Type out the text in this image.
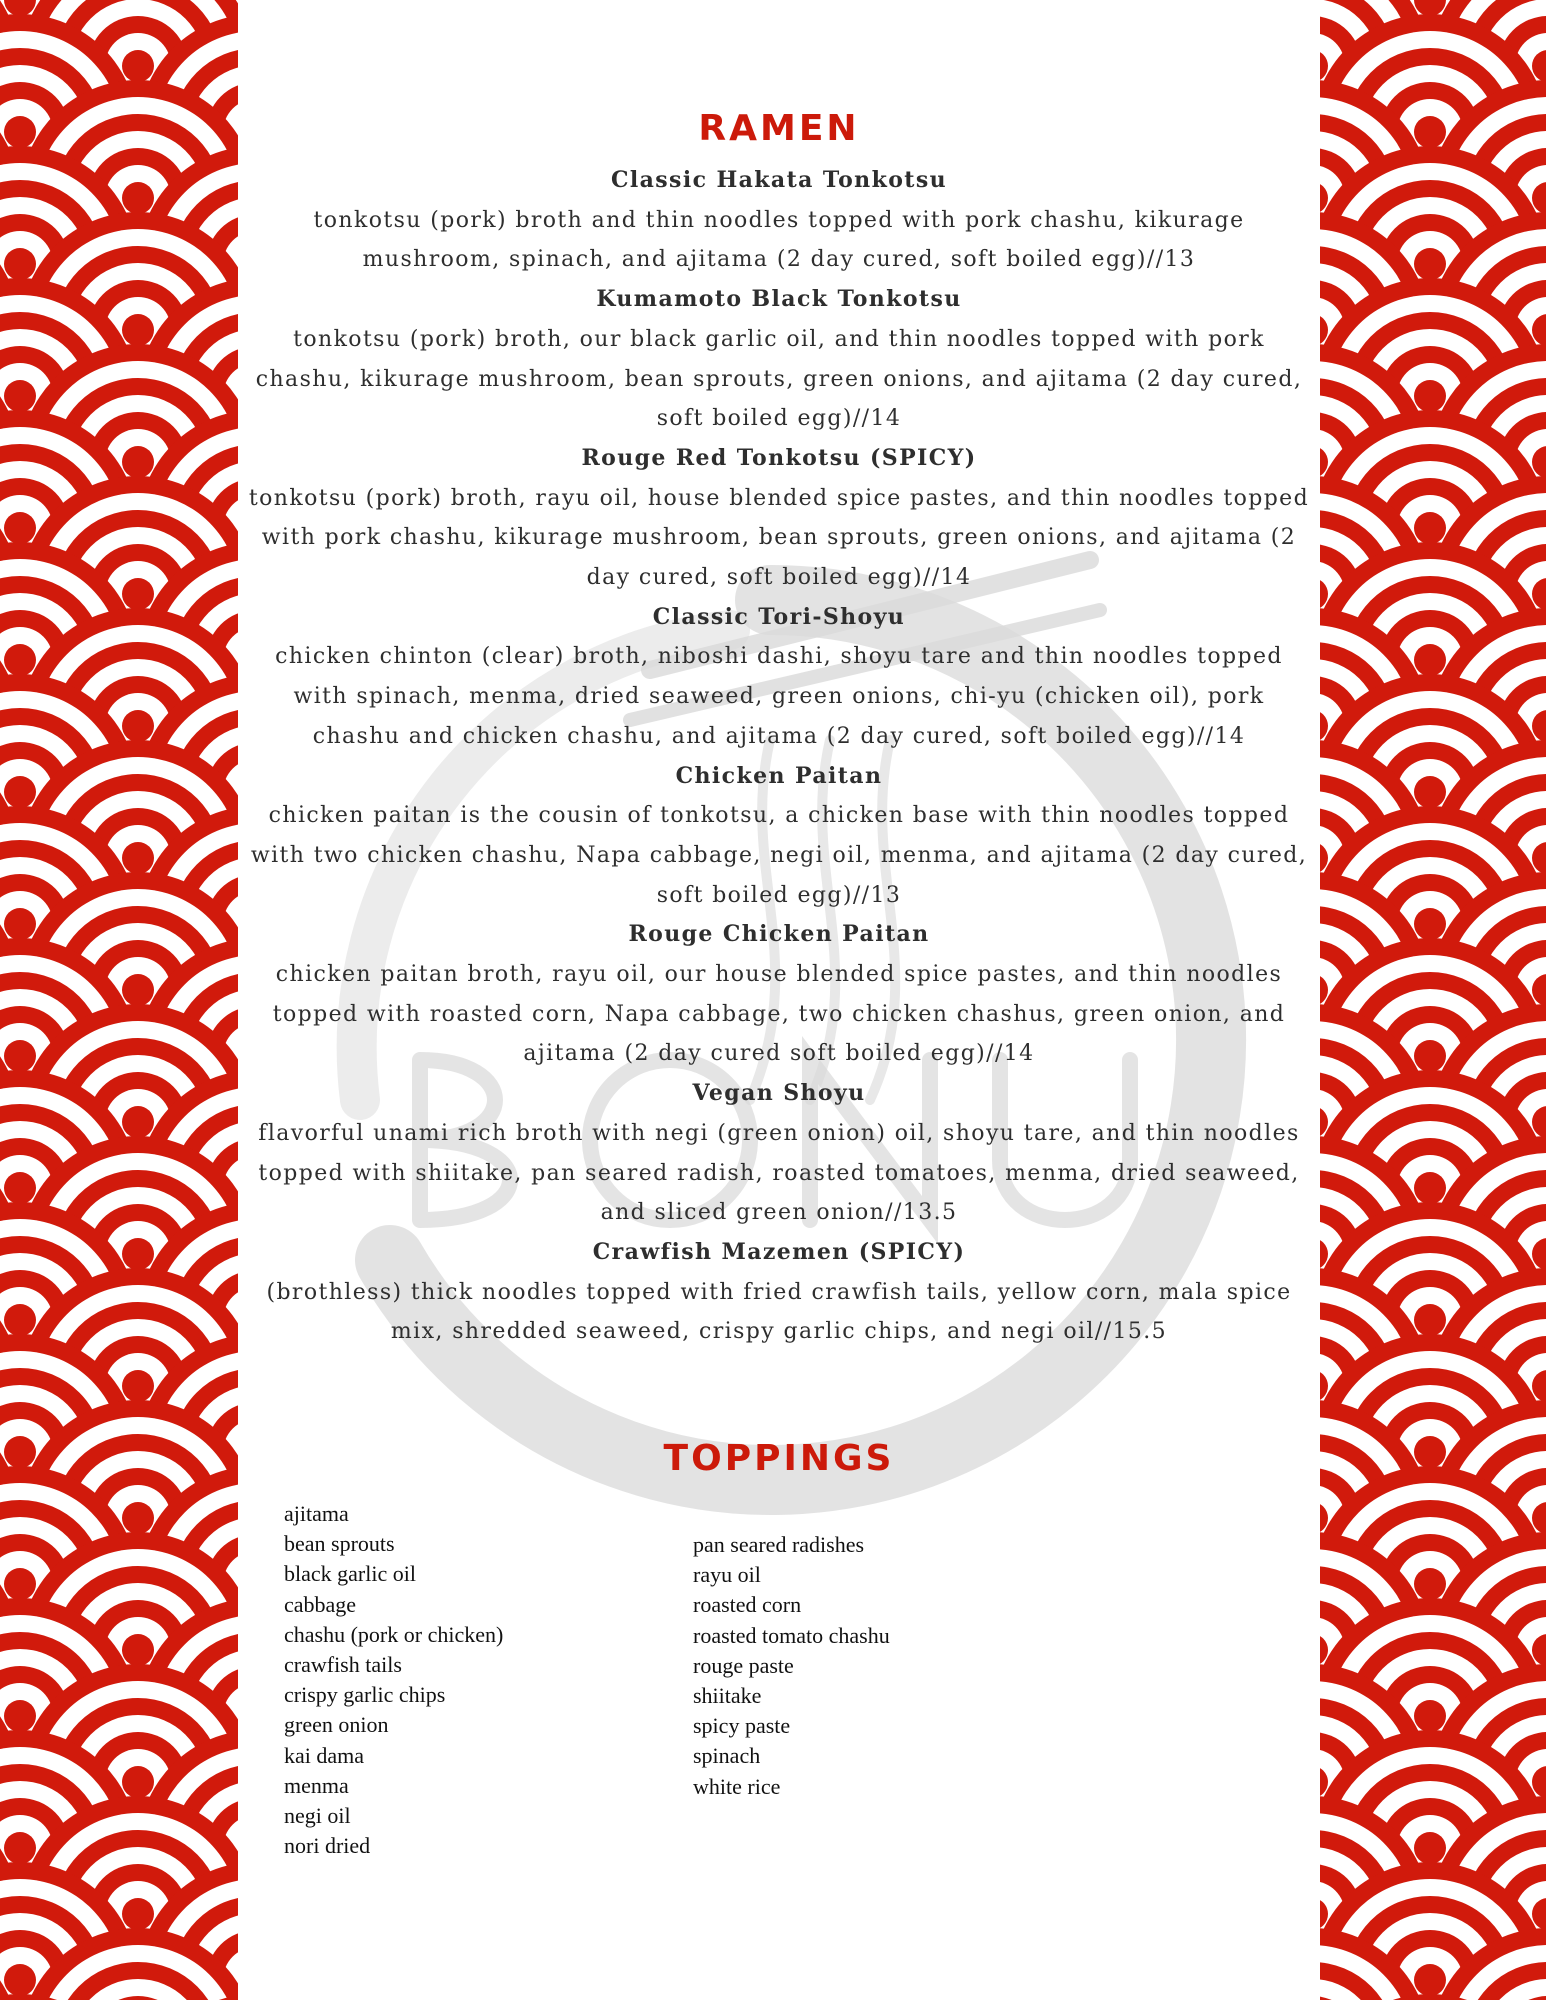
RAMEN
Classic Hakata Tonkotsu
tonkotsu (pork) broth and thin noodles topped with pork chashu, kikurage mushroom, spinach, and ajitama (2 day cured, soft boiled egg)//13
Kumamoto Black Tonkotsu
tonkotsu (pork) broth, our black garlic oil, and thin noodles topped with pork chashu, kikurage mushroom, bean sprouts, green onions, and ajitama (2 day cured, soft boiled egg)//14
Rouge Red Tonkotsu (SPICY)
tonkotsu (pork) broth, rayu oil, house blended spice pastes, and thin noodles topped with pork chashu, kikurage mushroom, bean sprouts, green onions, and ajitama (2 day cured, soft boiled egg)//14
Classic Tori-Shoyu
chicken chinton (clear) broth, niboshi dashi, shoyu tare and thin noodles topped with spinach, menma, dried seaweed, green onions, chi-yu (chicken oil), pork chashu and chicken chashu, and ajitama (2 day cured, soft boiled egg)//14
Chicken Paitan
chicken paitan is the cousin of tonkotsu, a chicken base with thin noodles topped with two chicken chashu, Napa cabbage, negi oil, menma, and ajitama (2 day cured, soft boiled egg)//13
Rouge Chicken Paitan
chicken paitan broth, rayu oil, our house blended spice pastes, and thin noodles topped with roasted corn, Napa cabbage, two chicken chashus, green onion, and ajitama (2 day cured soft boiled egg)//14
Vegan Shoyu
flavorful unami rich broth with negi (green onion) oil, shoyu tare, and thin noodles topped with shiitake, pan seared radish, roasted tomatoes, menma, dried seaweed, and sliced green onion//13.5
Crawfish Mazemen (SPICY)
(brothless) thick noodles topped with fried crawfish tails, yellow corn, mala spice mix, shredded seaweed, crispy garlic chips, and negi oil//15.5
TOPPINGS
ajitama
bean sprouts
black garlic oil
cabbage
chashu (pork or chicken)
crawfish tails
crispy garlic chips
green onion
kai dama
menma
negi oil
nori dried
pan seared radishes
rayu oil
roasted corn
roasted tomato chashu
rouge paste
shiitake
spicy paste
spinach
white rice
